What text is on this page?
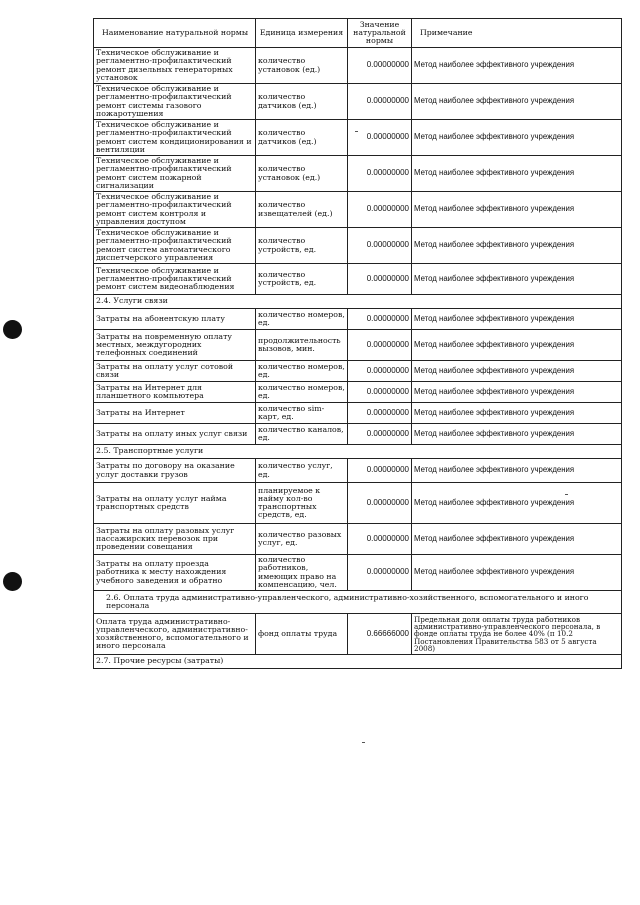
Наименование натуральной нормы	Единица измерения	Значение натуральной нормы	Примечание
Техническое обслуживание и регламентно-профилактический ремонт дизельных генераторных установок	количество установок (ед.)	0.00000000	Метод наиболее эффективного учреждения
Техническое обслуживание и регламентно-профилактический ремонт системы газового пожаротушения	количество датчиков (ед.)	0.00000000	Метод наиболее эффективного учреждения
Техническое обслуживание и регламентно-профилактический ремонт систем кондиционирования и вентиляции	количество датчиков (ед.)	0.00000000	Метод наиболее эффективного учреждения
Техническое обслуживание и регламентно-профилактический ремонт систем пожарной сигнализации	количество установок (ед.)	0.00000000	Метод наиболее эффективного учреждения
Техническое обслуживание и регламентно-профилактический ремонт систем контроля и управления доступом	количество извещателей (ед.)	0.00000000	Метод наиболее эффективного учреждения
Техническое обслуживание и регламентно-профилактический ремонт систем автоматического диспетчерского управления	количество устройств, ед.	0.00000000	Метод наиболее эффективного учреждения
Техническое обслуживание и регламентно-профилактический ремонт систем видеонаблюдения	количество устройств, ед.	0.00000000	Метод наиболее эффективного учреждения
2.4. Услуги связи			
Затраты на абонентскую плату	количество номеров, ед.	0.00000000	Метод наиболее эффективного учреждения
Затраты на повременную оплату местных, междугородних телефонных соединений	продолжительность вызовов, мин.	0.00000000	Метод наиболее эффективного учреждения
Затраты на оплату услуг сотовой связи	количество номеров, ед.	0.00000000	Метод наиболее эффективного учреждения
Затраты на Интернет для планшетного компьютера	количество номеров, ед.	0.00000000	Метод наиболее эффективного учреждения
Затраты на Интернет	количество sim-карт, ед.	0.00000000	Метод наиболее эффективного учреждения
Затраты на оплату иных услуг связи	количество каналов, ед.	0.00000000	Метод наиболее эффективного учреждения
2.5. Транспортные услуги			
Затраты по договору на оказание услуг доставки грузов	количество услуг, ед.	0.00000000	Метод наиболее эффективного учреждения
Затраты на оплату услуг найма транспортных средств	планируемое к найму кол-во транспортных средств, ед.	0.00000000	Метод наиболее эффективного учреждения
Затраты на оплату разовых услуг пассажирских перевозок при проведении совещания	количество разовых услуг, ед.	0.00000000	Метод наиболее эффективного учреждения
Затраты на оплату проезда работника к месту нахождения учебного заведения и обратно	количество работников, имеющих право на компенсацию, чел.	0.00000000	Метод наиболее эффективного учреждения
2.6. Оплата труда административно-управленческого, административно-хозяйственного, вспомогательного и иного персонала			
Оплата труда административно-управленческого, административно-хозяйственного, вспомогательного и иного персонала	фонд оплаты труда	0.66666000	Предельная доля оплаты труда работников административно-управленческого персонала, в фонде оплаты труда не более 40% (п 10.2 Постановления Правительства 583 от 5 августа 2008)
2.7. Прочие ресурсы (затраты)			
